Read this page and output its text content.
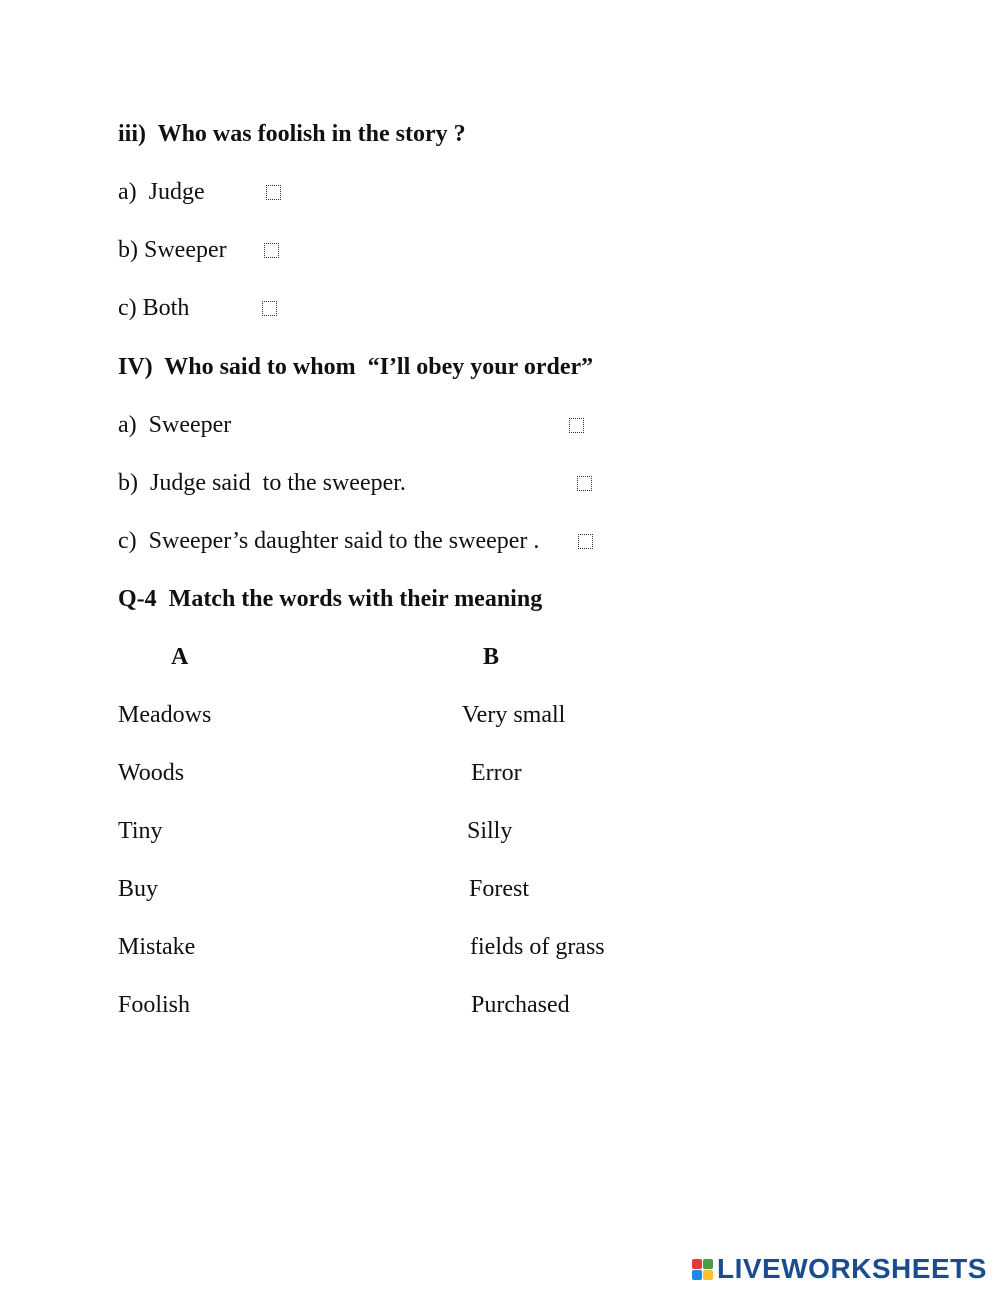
iii)  Who was foolish in the story ?
a)  Judge
b) Sweeper
c) Both
IV)  Who said to whom  “I’ll obey your order”
a)  Sweeper
b)  Judge said  to the sweeper.
c)  Sweeper’s daughter said to the sweeper .
Q-4  Match the words with their meaning
A	B
Meadows	Very small
Woods	Error
Tiny	Silly
Buy	Forest
Mistake	fields of grass
Foolish	Purchased
LIVEWORKSHEETS
